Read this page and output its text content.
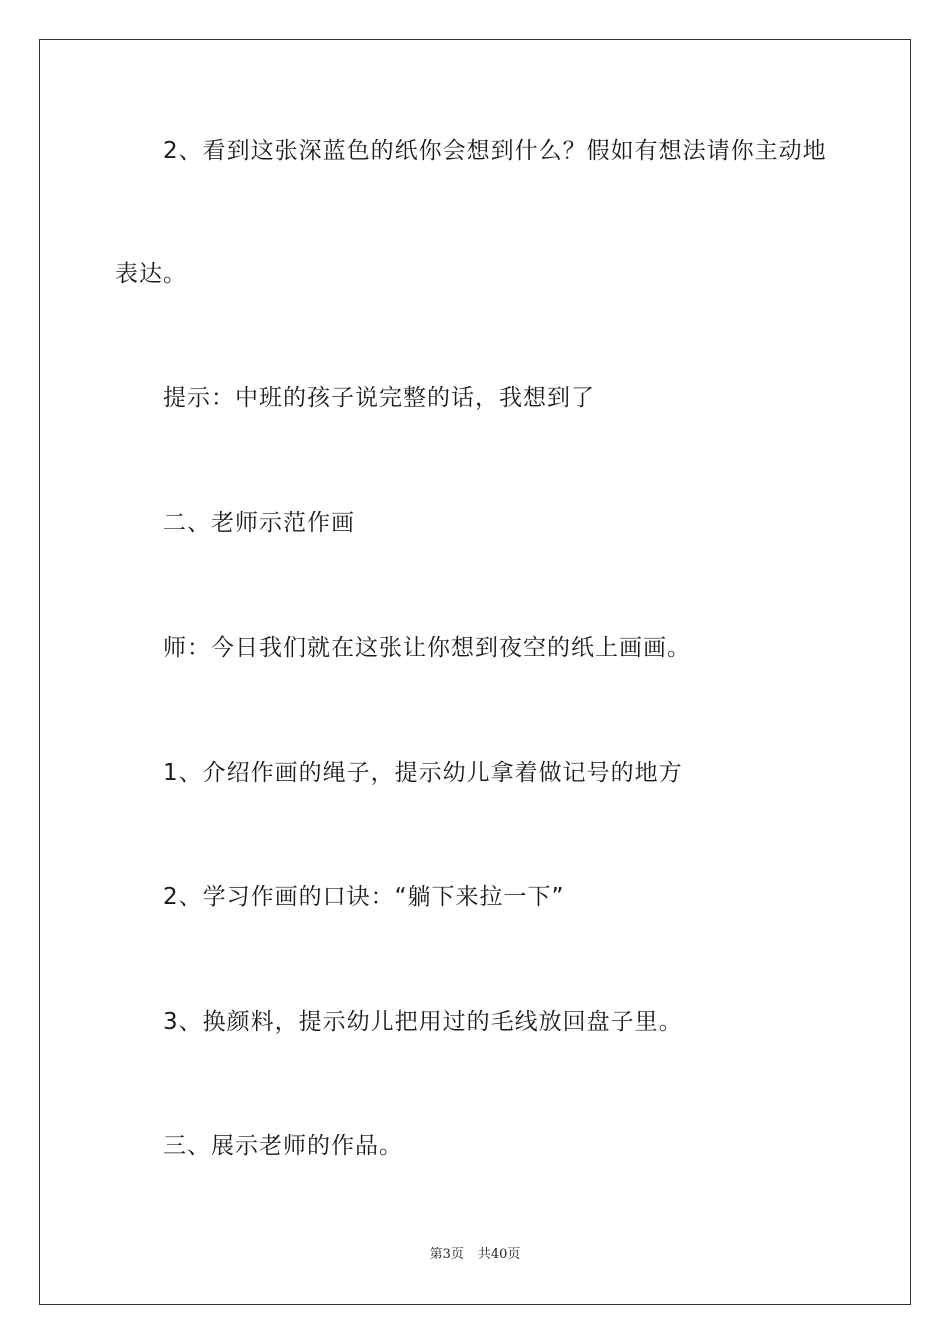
2、看到这张深蓝色的纸你会想到什么？假如有想法请你主动地
表达。
提示：中班的孩子说完整的话，我想到了
二、老师示范作画
师：今日我们就在这张让你想到夜空的纸上画画。
1、介绍作画的绳子，提示幼儿拿着做记号的地方
2、学习作画的口诀：“躺下来拉一下”
3、换颜料，提示幼儿把用过的毛线放回盘子里。
三、展示老师的作品。
第3页 共40页
